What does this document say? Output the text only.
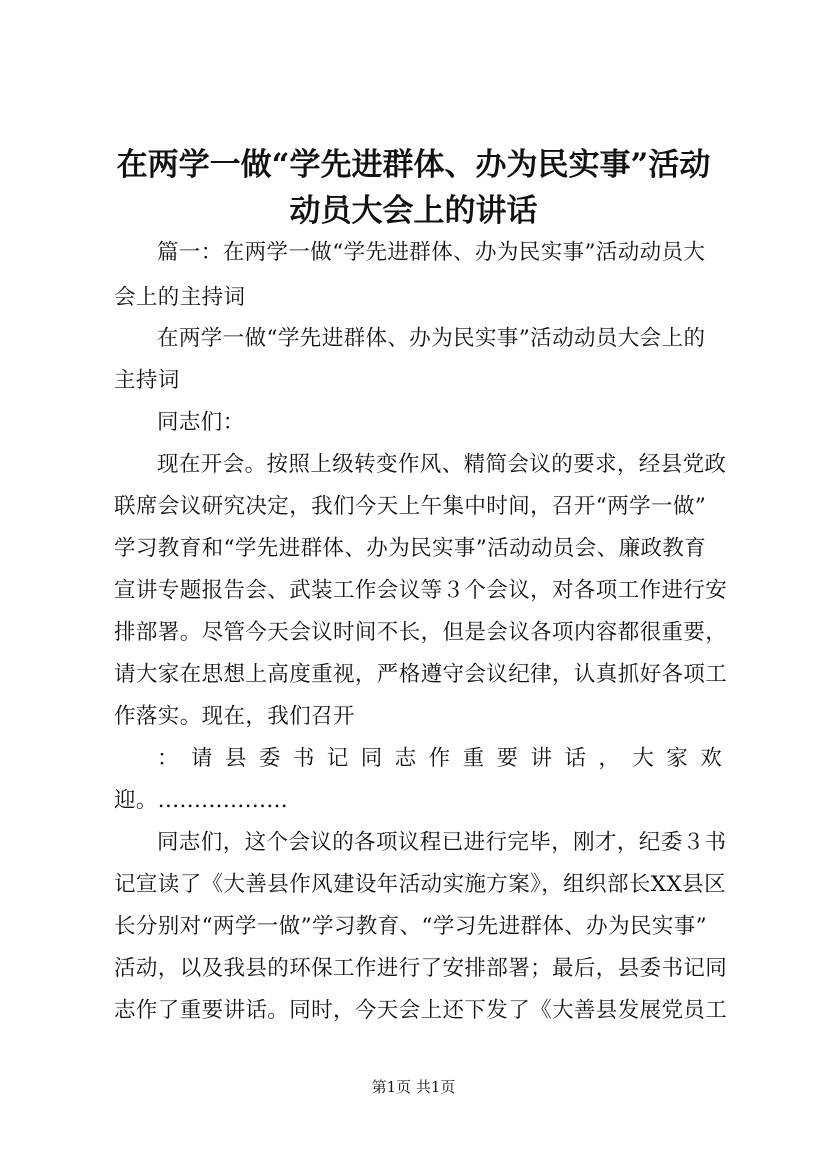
在两学一做“学先进群体、办为民实事”活动
动员大会上的讲话

篇一：在两学一做“学先进群体、办为民实事”活动动员大

会上的主持词

在两学一做“学先进群体、办为民实事”活动动员大会上的

主持词

同志们：

现在开会。按照上级转变作风、精简会议的要求，经县党政

联席会议研究决定，我们今天上午集中时间，召开“两学一做”

学习教育和“学先进群体、办为民实事”活动动员会、廉政教育

宣讲专题报告会、武装工作会议等３个会议，对各项工作进行安

排部署。尽管今天会议时间不长，但是会议各项内容都很重要，

请大家在思想上高度重视，严格遵守会议纪律，认真抓好各项工

作落实。现在，我们召开

： 请 县 委 书 记 同 志 作 重 要 讲 话 ， 大 家 欢

迎。..................

同志们，这个会议的各项议程已进行完毕，刚才，纪委３书

记宣读了《大善县作风建设年活动实施方案》，组织部长XX县区

长分别对“两学一做”学习教育、“学习先进群体、办为民实事”

活动，以及我县的环保工作进行了安排部署；最后，县委书记同

志作了重要讲话。同时，今天会上还下发了《大善县发展党员工

第1页 共1页
